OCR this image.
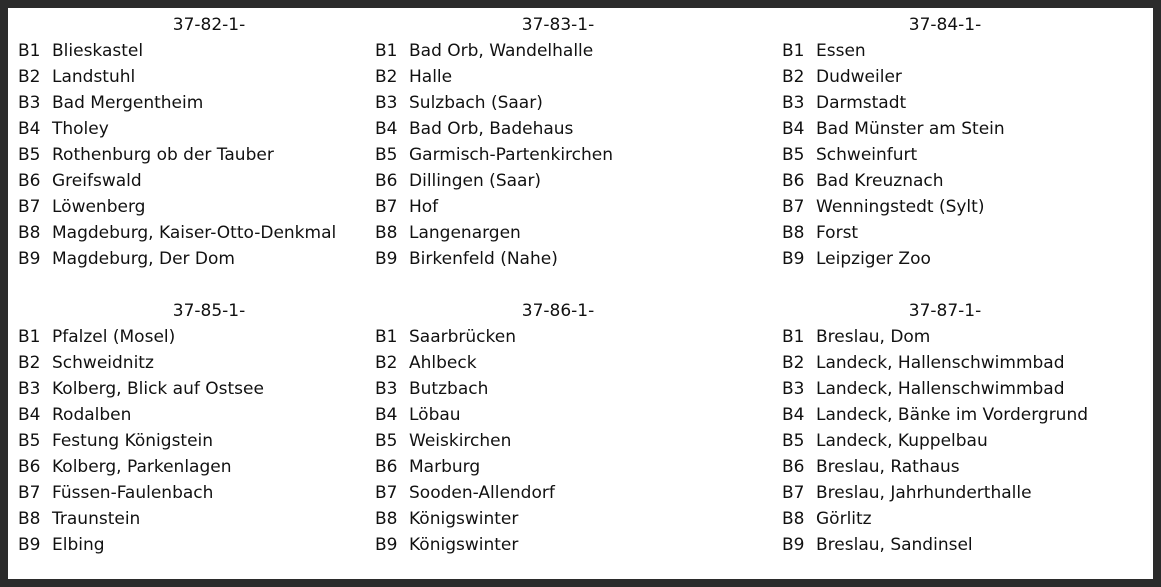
37-82-1-
B1 Blieskastel
B2 Landstuhl
B3 Bad Mergentheim
B4 Tholey
B5 Rothenburg ob der Tauber
B6 Greifswald
B7 Löwenberg
B8 Magdeburg, Kaiser-Otto-Denkmal
B9 Magdeburg, Der Dom
37-83-1-
B1 Bad Orb, Wandelhalle
B2 Halle
B3 Sulzbach (Saar)
B4 Bad Orb, Badehaus
B5 Garmisch-Partenkirchen
B6 Dillingen (Saar)
B7 Hof
B8 Langenargen
B9 Birkenfeld (Nahe)
37-84-1-
B1 Essen
B2 Dudweiler
B3 Darmstadt
B4 Bad Münster am Stein
B5 Schweinfurt
B6 Bad Kreuznach
B7 Wenningstedt (Sylt)
B8 Forst
B9 Leipziger Zoo
37-85-1-
B1 Pfalzel (Mosel)
B2 Schweidnitz
B3 Kolberg, Blick auf Ostsee
B4 Rodalben
B5 Festung Königstein
B6 Kolberg, Parkenlagen
B7 Füssen-Faulenbach
B8 Traunstein
B9 Elbing
37-86-1-
B1 Saarbrücken
B2 Ahlbeck
B3 Butzbach
B4 Löbau
B5 Weiskirchen
B6 Marburg
B7 Sooden-Allendorf
B8 Königswinter
B9 Königswinter
37-87-1-
B1 Breslau, Dom
B2 Landeck, Hallenschwimmbad
B3 Landeck, Hallenschwimmbad
B4 Landeck, Bänke im Vordergrund
B5 Landeck, Kuppelbau
B6 Breslau, Rathaus
B7 Breslau, Jahrhunderthalle
B8 Görlitz
B9 Breslau, Sandinsel
